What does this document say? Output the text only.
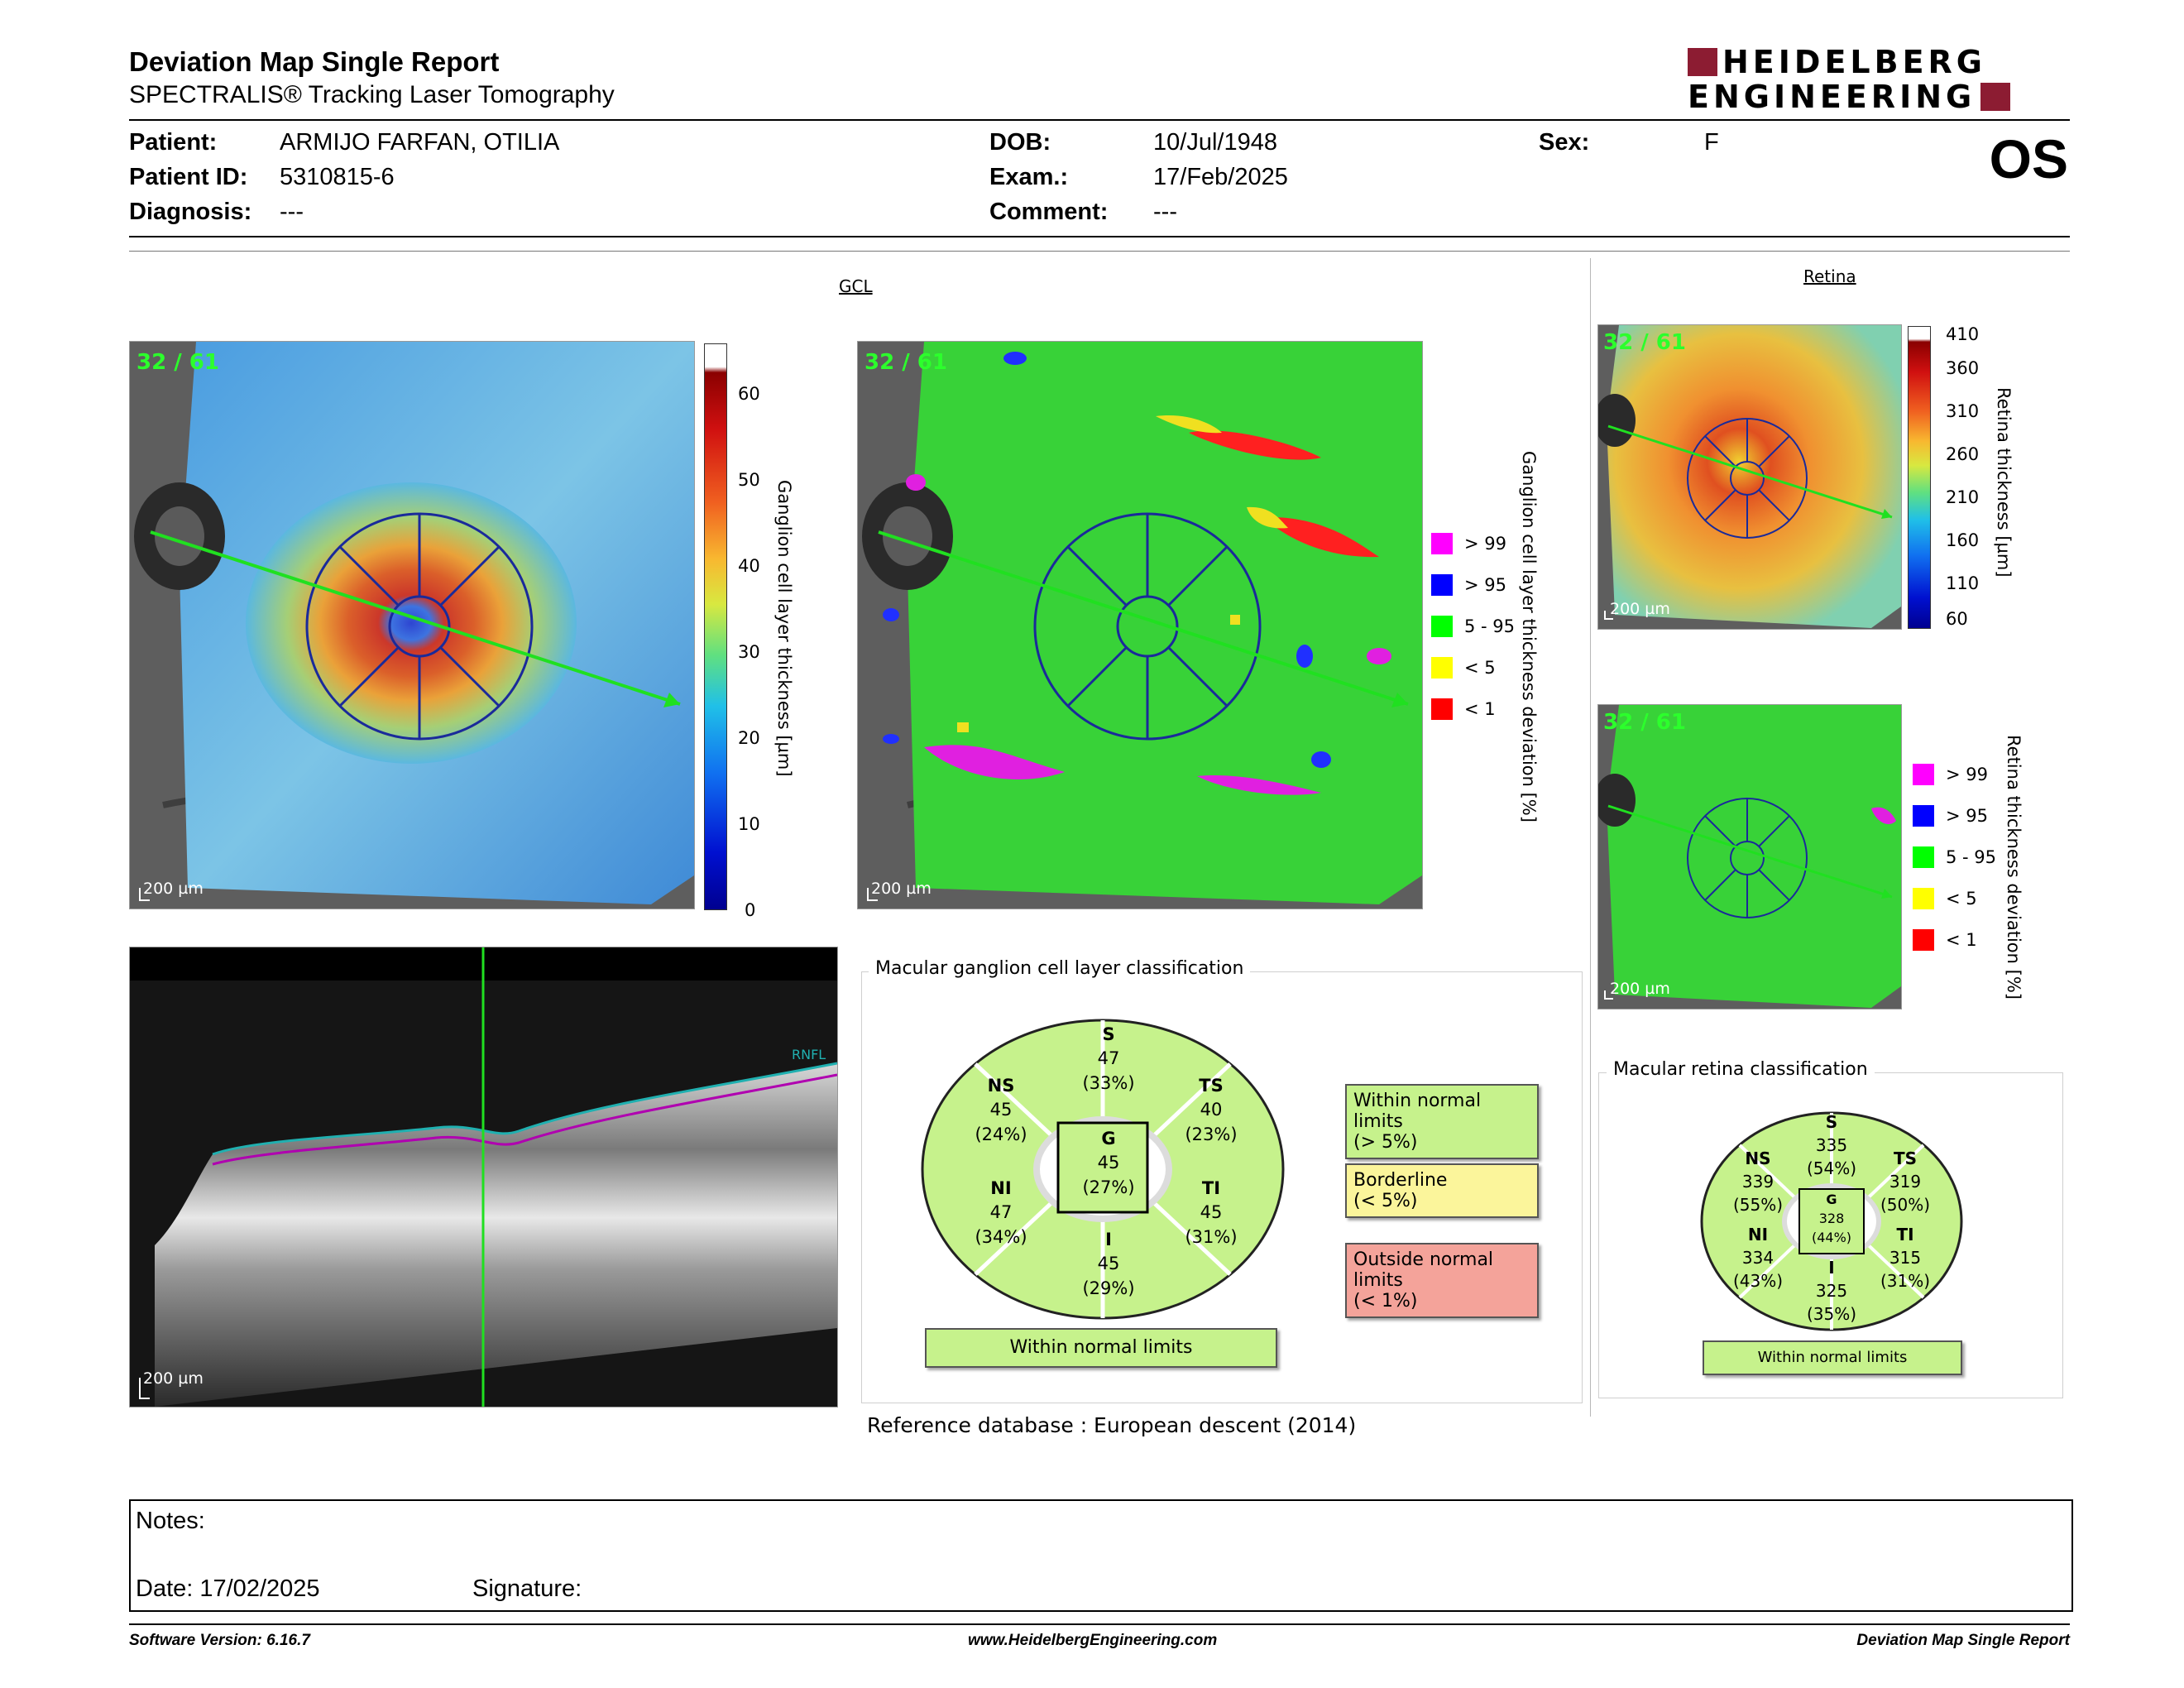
Deviation Map Single Report
SPECTRALIS® Tracking Laser Tomography
HEIDELBERG
ENGINEERING
Patient:	ARMIJO FARFAN, OTILIA
Patient ID: 5310815-6
Diagnosis: ---
DOB:	10/Jul/1948
Exam.:	17/Feb/2025
Comment: ---
Sex:	F	OS
GCL
32 / 61
200 µm
60
50
40
30
20
10
0
Ganglion cell layer thickness [µm]
32 / 61
200 µm
> 99
> 95
5 - 95
< 5
< 1 Ganglion cell layer thickness deviation [%]
Retina
32 / 61
200 µm
410
360
310
260
210
160
110
60
Retina thickness [µm]
32 / 61
200 µm
> 99
> 95
5 - 95
< 5
< 1 Retina thickness deviation [%]
RNFL
200 µm
Macular ganglion cell layer classification
S
47
(33%)
NS
45
(24%)
TS
40
(23%)
G
45
(27%)
NI
47
(34%)
TI
45
(31%)
I
45
(29%)
Within normal limits
Within normal limits
(> 5%)
Borderline
(< 5%)
Outside normal limits
(< 1%)
Macular retina classification
S
335
(54%)
NS
339
(55%)
TS
319
(50%)
G
328
(44%)
NI
334
(43%)
TI
315
(31%)
I
325
(35%)
Within normal limits
Reference database : European descent (2014)
Notes:
Date: 17/02/2025	Signature:
Software Version: 6.16.7	www.HeidelbergEngineering.com	Deviation Map Single Report
